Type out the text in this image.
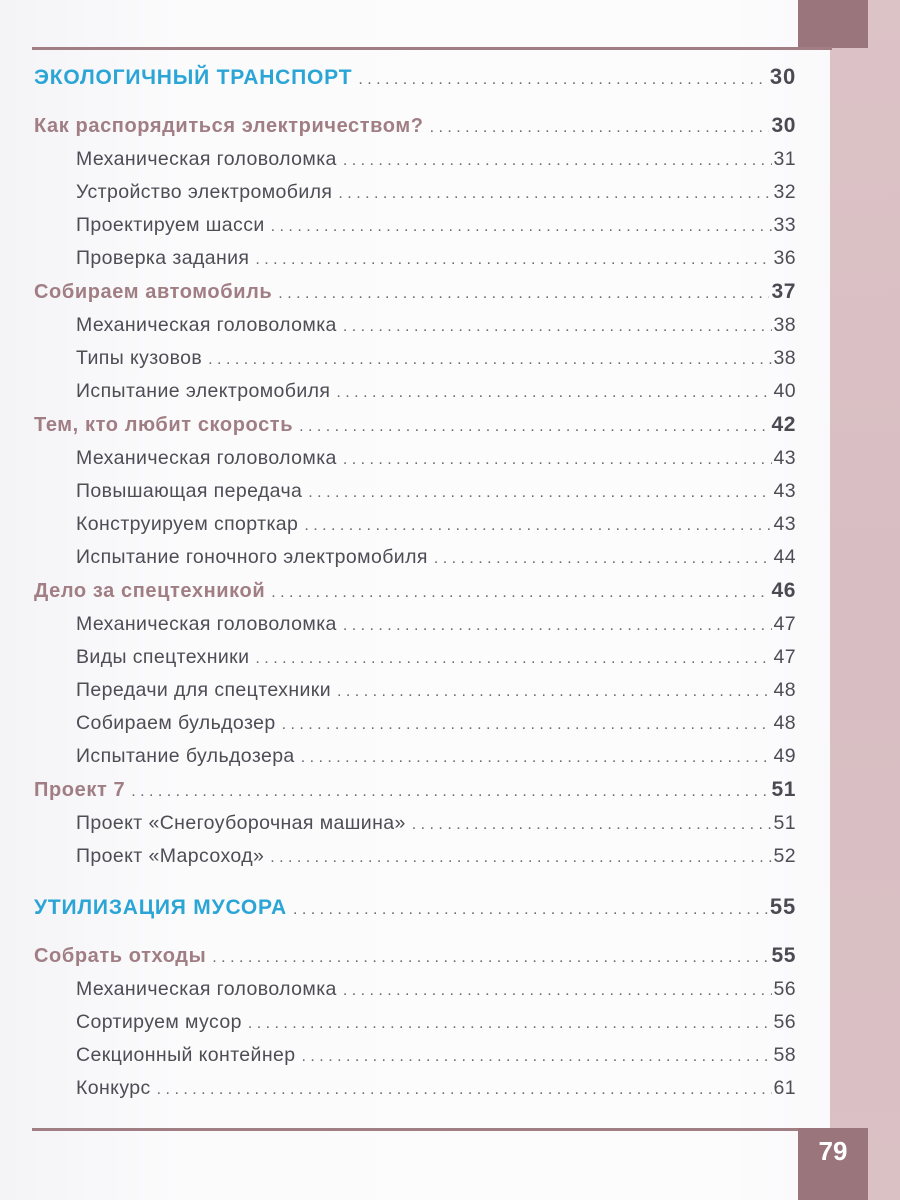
ЭКОЛОГИЧНЫЙ ТРАНСПОРТ . . .	30
Как распорядиться электричеством? . . .	30
Механическая головоломка . . .	31
Устройство электромобиля . . .	32
Проектируем шасси . . .	33
Проверка задания . . .	36
Собираем автомобиль . . .	37
Механическая головоломка . . .	38
Типы кузовов . . .	38
Испытание электромобиля . . .	40
Тем, кто любит скорость . . .	42
Механическая головоломка . . .	43
Повышающая передача . . .	43
Конструируем спорткар . . .	43
Испытание гоночного электромобиля . . .	44
Дело за спецтехникой . . .	46
Механическая головоломка . . .	47
Виды спецтехники . . .	47
Передачи для спецтехники . . .	48
Собираем бульдозер . . .	48
Испытание бульдозера . . .	49
Проект 7 . . .	51
Проект «Снегоуборочная машина» . . .	51
Проект «Марсоход» . . .	52
УТИЛИЗАЦИЯ МУСОРА . . .	55
Собрать отходы . . .	55
Механическая головоломка . . .	56
Сортируем мусор . . .	56
Секционный контейнер . . .	58
Конкурс . . .	61
79
